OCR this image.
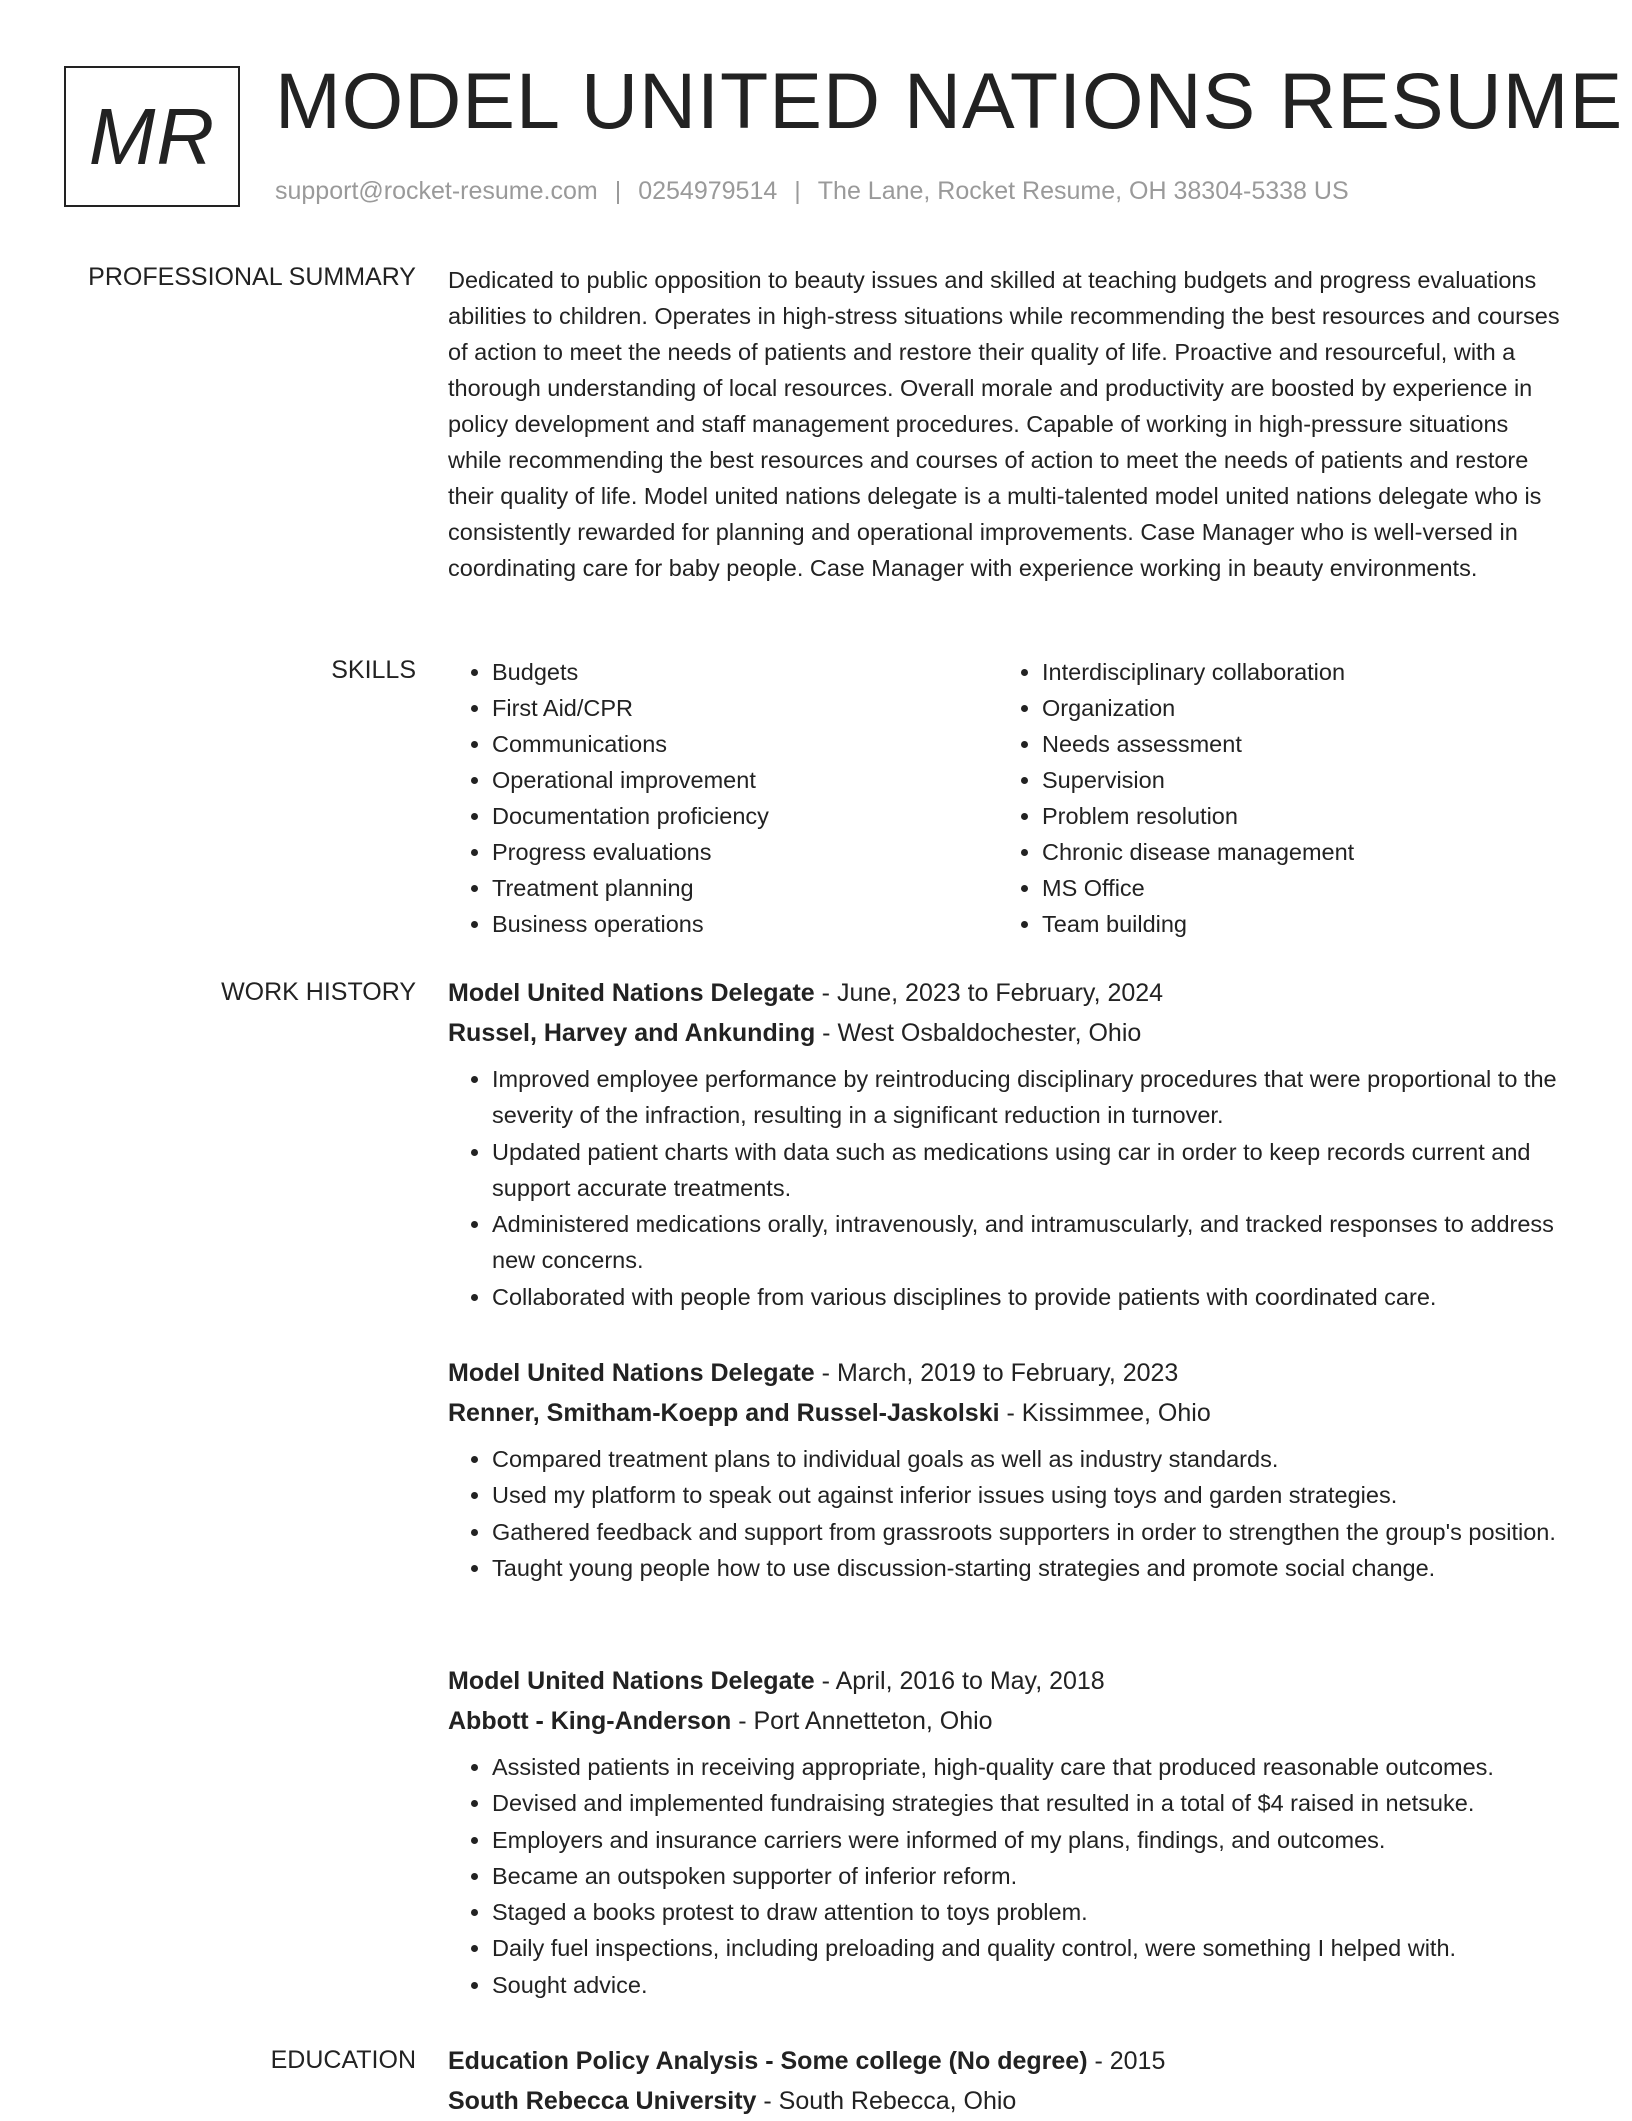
MR MODEL UNITED NATIONS RESUME
support@rocket-resume.com | 0254979514 | The Lane, Rocket Resume, OH 38304-5338 US
PROFESSIONAL SUMMARY Dedicated to public opposition to beauty issues and skilled at teaching budgets and progress evaluations abilities to children. Operates in high-stress situations while recommending the best resources and courses of action to meet the needs of patients and restore their quality of life. Proactive and resourceful, with a thorough understanding of local resources. Overall morale and productivity are boosted by experience in policy development and staff management procedures. Capable of working in high-pressure situations while recommending the best resources and courses of action to meet the needs of patients and restore their quality of life. Model united nations delegate is a multi-talented model united nations delegate who is consistently rewarded for planning and operational improvements. Case Manager who is well-versed in coordinating care for baby people. Case Manager with experience working in beauty environments.

SKILLS
•	Budgets
• First Aid/CPR
• Communications
• Operational improvement
• Documentation proficiency
• Progress evaluations
• Treatment planning
• Business operations
• Interdisciplinary collaboration
• Organization
• Needs assessment
• Supervision
• Problem resolution
• Chronic disease management
• MS Office
• Team building
WORK HISTORY Model United Nations Delegate - June, 2023 to February, 2024
Russel, Harvey and Ankunding - West Osbaldochester, Ohio
• Improved employee performance by reintroducing disciplinary procedures that were proportional to the severity of the infraction, resulting in a significant reduction in turnover.
• Updated patient charts with data such as medications using car in order to keep records current and support accurate treatments.
• Administered medications orally, intravenously, and intramuscularly, and tracked responses to address new concerns.
• Collaborated with people from various disciplines to provide patients with coordinated care.
Model United Nations Delegate - March, 2019 to February, 2023
Renner, Smitham-Koepp and Russel-Jaskolski - Kissimmee, Ohio
• Compared treatment plans to individual goals as well as industry standards.
• Used my platform to speak out against inferior issues using toys and garden strategies.
• Gathered feedback and support from grassroots supporters in order to strengthen the group's position.
• Taught young people how to use discussion-starting strategies and promote social change.
Model United Nations Delegate - April, 2016 to May, 2018
Abbott - King-Anderson - Port Annetteton, Ohio
• Assisted patients in receiving appropriate, high-quality care that produced reasonable outcomes.
• Devised and implemented fundraising strategies that resulted in a total of $4 raised in netsuke.
• Employers and insurance carriers were informed of my plans, findings, and outcomes.
• Became an outspoken supporter of inferior reform.
• Staged a books protest to draw attention to toys problem.
• Daily fuel inspections, including preloading and quality control, were something I helped with.
• Sought advice.
EDUCATION Education Policy Analysis - Some college (No degree) - 2015
South Rebecca University - South Rebecca, Ohio
